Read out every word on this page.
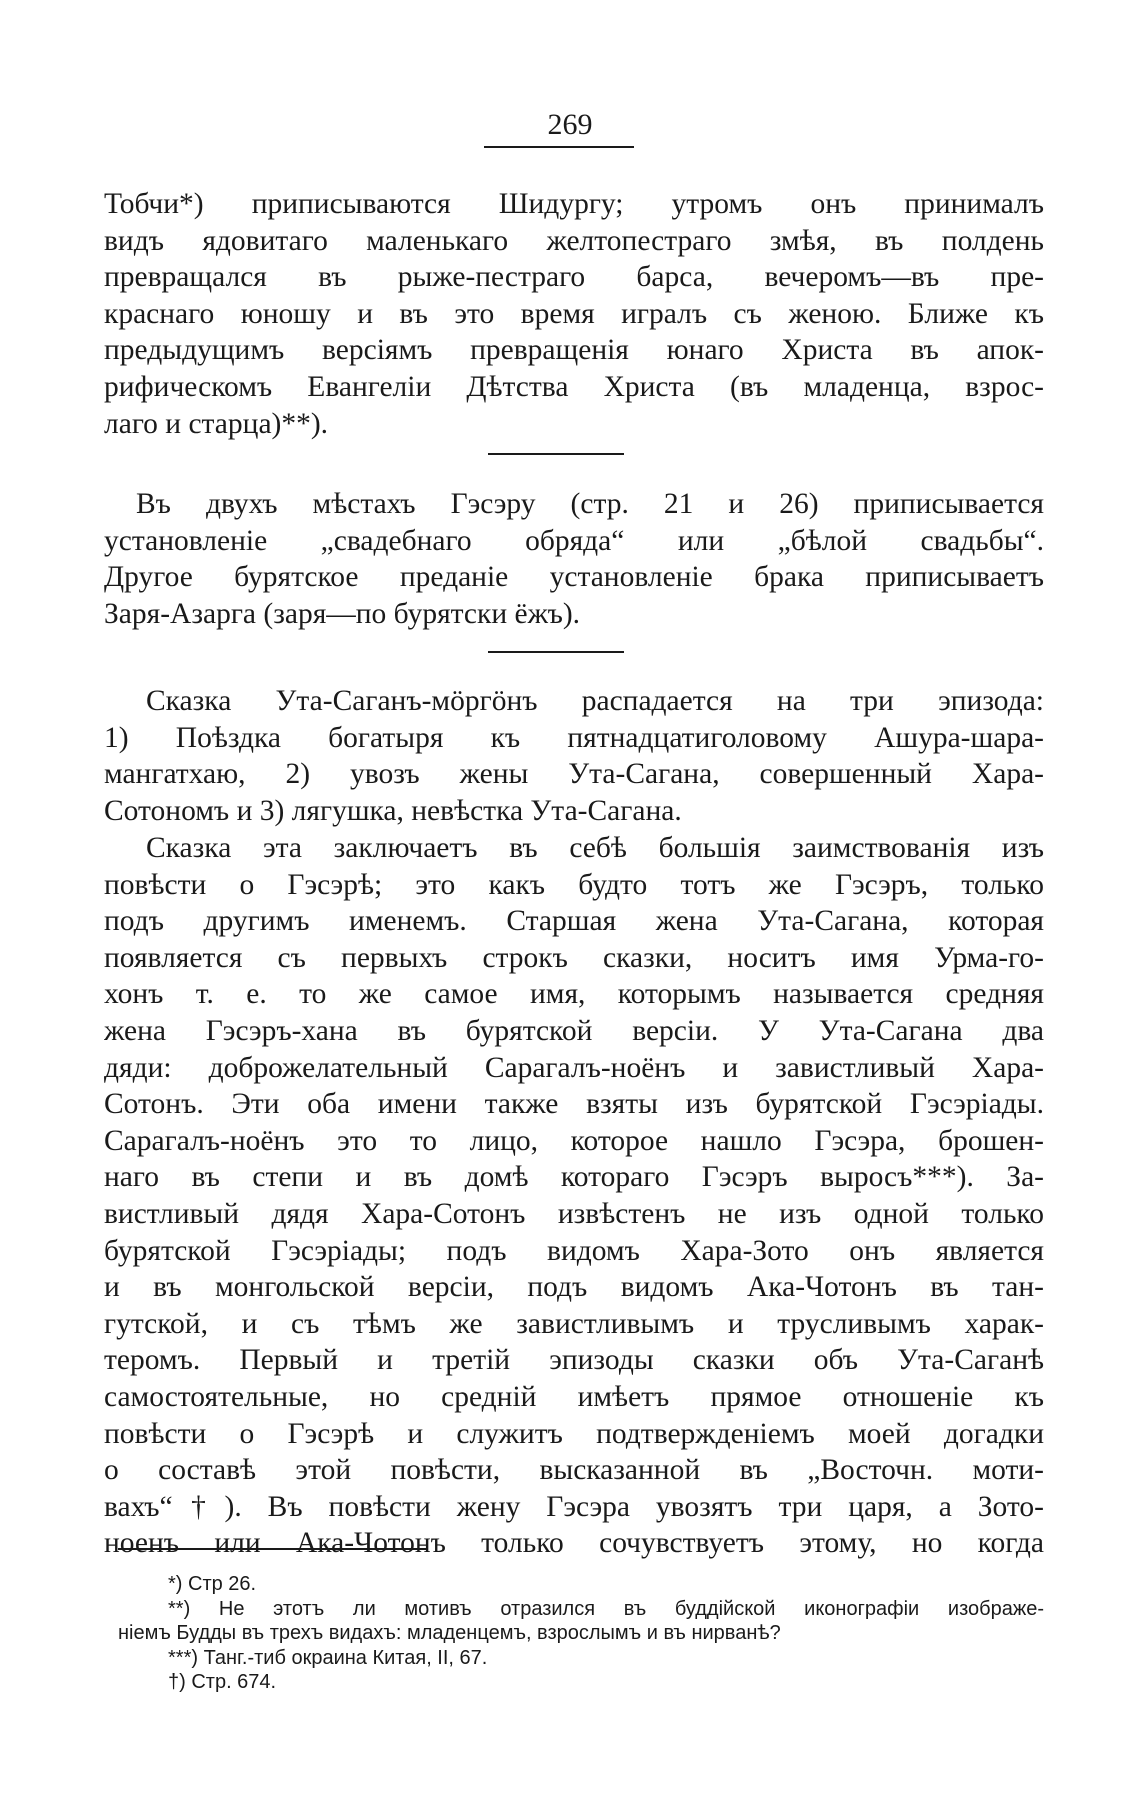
269
Тобчи*) приписываются Шидургу; утромъ онъ принималъ
видъ ядовитаго маленькаго желтопестраго змѣя, въ полдень
превращался въ рыже-пестраго барса, вечеромъ—въ пре-
краснаго юношу и въ это время игралъ съ женою. Ближе къ
предыдущимъ версіямъ превращенія юнаго Христа въ апок-
рифическомъ Евангеліи Дѣтства Христа (въ младенца, взрос-
лаго и старца)**).
Въ двухъ мѣстахъ Гэсэру (стр. 21 и 26) приписывается
установленіе „свадебнаго обряда“ или „бѣлой свадьбы“.
Другое бурятское преданіе установленіе брака приписываетъ
Заря-Азарга (заря—по бурятски ёжъ).
Сказка Ута-Саганъ-мöргöнъ распадается на три эпизода:
1) Поѣздка богатыря къ пятнадцатиголовому Ашура-шара-
мангатхаю, 2) увозъ жены Ута-Сагана, совершенный Хара-
Сотономъ и 3) лягушка, невѣстка Ута-Сагана.
Сказка эта заключаетъ въ себѣ большія заимствованія изъ
повѣсти о Гэсэрѣ; это какъ будто тотъ же Гэсэръ, только
подъ другимъ именемъ. Старшая жена Ута-Сагана, которая
появляется съ первыхъ строкъ сказки, носитъ имя Урма-го-
хонъ т. е. то же самое имя, которымъ называется средняя
жена Гэсэръ-хана въ бурятской версіи. У Ута-Сагана два
дяди: доброжелательный Сарагалъ-ноёнъ и завистливый Хара-
Сотонъ. Эти оба имени также взяты изъ бурятской Гэсэріады.
Сарагалъ-ноёнъ это то лицо, которое нашло Гэсэра, брошен-
наго въ степи и въ домѣ котораго Гэсэръ выросъ***). За-
вистливый дядя Хара-Сотонъ извѣстенъ не изъ одной только
бурятской Гэсэріады; подъ видомъ Хара-Зото онъ является
и въ монгольской версіи, подъ видомъ Ака-Чотонъ въ тан-
гутской, и съ тѣмъ же завистливымъ и трусливымъ харак-
теромъ. Первый и третій эпизоды сказки объ Ута-Саганѣ
самостоятельные, но средній имѣетъ прямое отношеніе къ
повѣсти о Гэсэрѣ и служитъ подтвержденіемъ моей догадки
о составѣ этой повѣсти, высказанной въ „Восточн. моти-
вахъ“†). Въ повѣсти жену Гэсэра увозятъ три царя, а Зото-
ноенъ или Ака-Чотонъ только сочувствуетъ этому, но когда
*) Стр 26.
**) Не этотъ ли мотивъ отразился въ буддійской иконографіи изображе-
ніемъ Будды въ трехъ видахъ: младенцемъ, взрослымъ и въ нирванѣ?
***) Танг.-тиб окраина Китая, II, 67.
†) Стр. 674.
